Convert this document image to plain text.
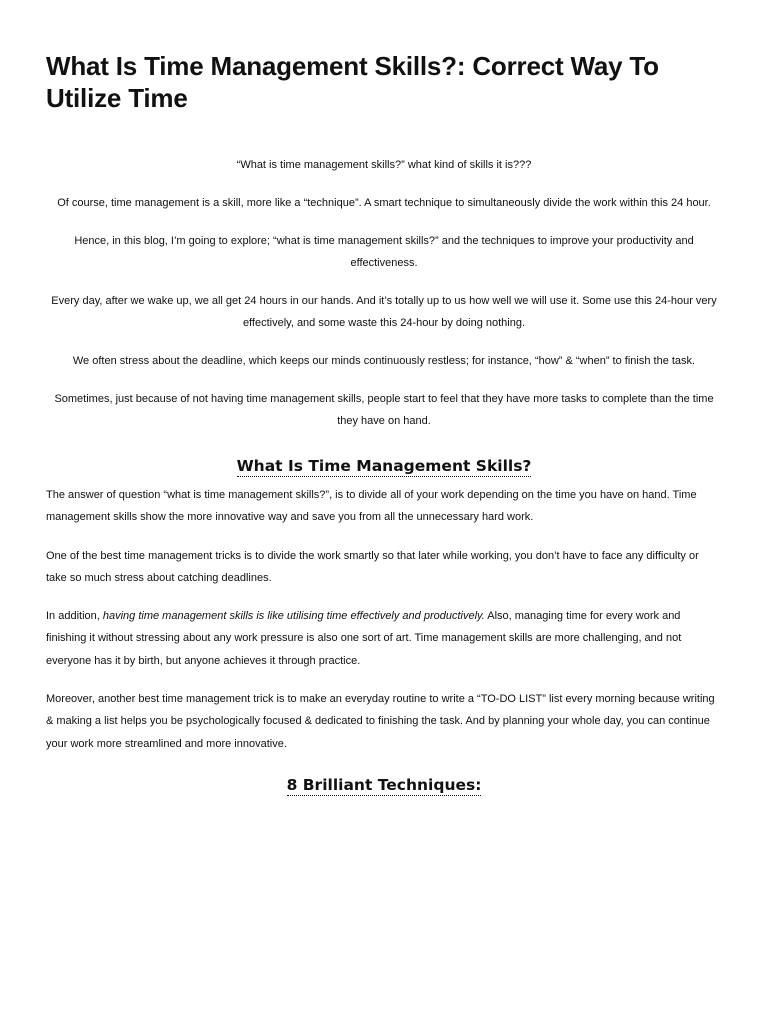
What Is Time Management Skills?: Correct Way To Utilize Time

“What is time management skills?” what kind of skills it is???

Of course, time management is a skill, more like a “technique”. A smart technique to simultaneously divide the work within this 24 hour.

Hence, in this blog, I’m going to explore; “what is time management skills?” and the techniques to improve your productivity and effectiveness.

Every day, after we wake up, we all get 24 hours in our hands. And it’s totally up to us how well we will use it. Some use this 24-hour very effectively, and some waste this 24-hour by doing nothing.

We often stress about the deadline, which keeps our minds continuously restless; for instance, “how” & “when” to finish the task.

Sometimes, just because of not having time management skills, people start to feel that they have more tasks to complete than the time they have on hand.

What Is Time Management Skills?

The answer of question “what is time management skills?”, is to divide all of your work depending on the time you have on hand. Time management skills show the more innovative way and save you from all the unnecessary hard work.

One of the best time management tricks is to divide the work smartly so that later while working, you don’t have to face any difficulty or take so much stress about catching deadlines.

In addition, having time management skills is like utilising time effectively and productively. Also, managing time for every work and finishing it without stressing about any work pressure is also one sort of art. Time management skills are more challenging, and not everyone has it by birth, but anyone achieves it through practice.

Moreover, another best time management trick is to make an everyday routine to write a “TO-DO LIST” list every morning because writing & making a list helps you be psychologically focused & dedicated to finishing the task. And by planning your whole day, you can continue your work more streamlined and more innovative.

8 Brilliant Techniques:
